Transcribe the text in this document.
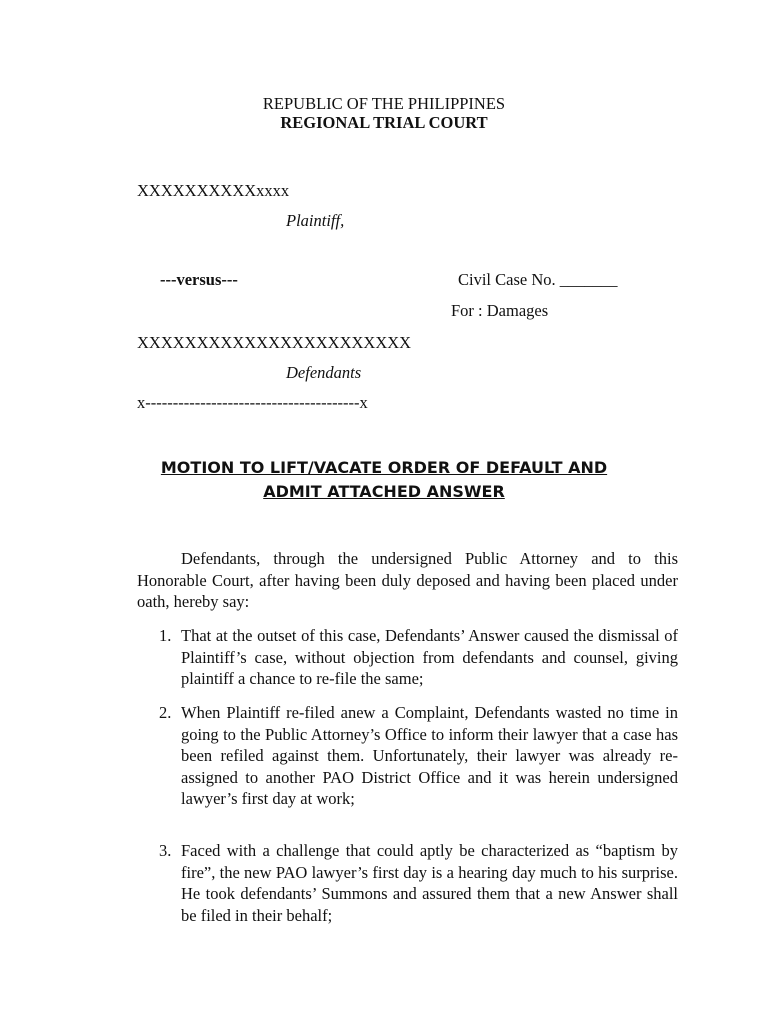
REPUBLIC OF THE PHILIPPINES
REGIONAL TRIAL COURT
XXXXXXXXXXxxxx
Plaintiff,
---versus---	Civil Case No. _______
For : Damages
XXXXXXXXXXXXXXXXXXXXXXX
Defendants
x---------------------------------------x
MOTION TO LIFT/VACATE ORDER OF DEFAULT AND
ADMIT ATTACHED ANSWER
Defendants, through the undersigned Public Attorney and to this Honorable Court, after having been duly deposed and having been placed under oath, hereby say:
1. That at the outset of this case, Defendants’ Answer caused the dismissal of Plaintiff’s case, without objection from defendants and counsel, giving plaintiff a chance to re-file the same;
2. When Plaintiff re-filed anew a Complaint, Defendants wasted no time in going to the Public Attorney’s Office to inform their lawyer that a case has been refiled against them. Unfortunately, their lawyer was already re-assigned to another PAO District Office and it was herein undersigned lawyer’s first day at work;
3. Faced with a challenge that could aptly be characterized as “baptism by fire”, the new PAO lawyer’s first day is a hearing day much to his surprise. He took defendants’ Summons and assured them that a new Answer shall be filed in their behalf;
